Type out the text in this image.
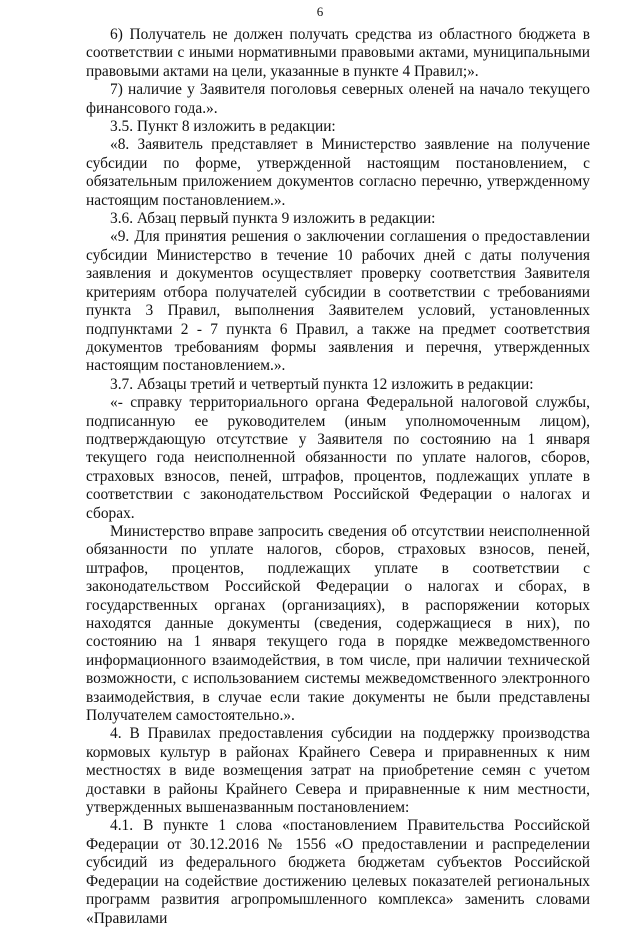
6

6) Получатель не должен получать средства из областного бюджета в соответствии с иными нормативными правовыми актами, муниципальными правовыми актами на цели, указанные в пункте 4 Правил;».

7) наличие у Заявителя поголовья северных оленей на начало текущего финансового года.».

3.5. Пункт 8 изложить в редакции:

«8. Заявитель представляет в Министерство заявление на получение субсидии по форме, утвержденной настоящим постановлением, с обязательным приложением документов согласно перечню, утвержденному настоящим постановлением.».

3.6. Абзац первый пункта 9 изложить в редакции:

«9. Для принятия решения о заключении соглашения о предоставлении субсидии Министерство в течение 10 рабочих дней с даты получения заявления и документов осуществляет проверку соответствия Заявителя критериям отбора получателей субсидии в соответствии с требованиями пункта 3 Правил, выполнения Заявителем условий, установленных подпунктами 2 - 7 пункта 6 Правил, а также на предмет соответствия документов требованиям формы заявления и перечня, утвержденных настоящим постановлением.».

3.7. Абзацы третий и четвертый пункта 12 изложить в редакции:

«- справку территориального органа Федеральной налоговой службы, подписанную ее руководителем (иным уполномоченным лицом), подтверждающую отсутствие у Заявителя по состоянию на 1 января текущего года неисполненной обязанности по уплате налогов, сборов, страховых взносов, пеней, штрафов, процентов, подлежащих уплате в соответствии с законодательством Российской Федерации о налогах и сборах.

Министерство вправе запросить сведения об отсутствии неисполненной обязанности по уплате налогов, сборов, страховых взносов, пеней, штрафов, процентов, подлежащих уплате в соответствии с законодательством Российской Федерации о налогах и сборах, в государственных органах (организациях), в распоряжении которых находятся данные документы (сведения, содержащиеся в них), по состоянию на 1 января текущего года в порядке межведомственного информационного взаимодействия, в том числе, при наличии технической возможности, с использованием системы межведомственного электронного взаимодействия, в случае если такие документы не были представлены Получателем самостоятельно.».

4. В Правилах предоставления субсидии на поддержку производства кормовых культур в районах Крайнего Севера и приравненных к ним местностях в виде возмещения затрат на приобретение семян с учетом доставки в районы Крайнего Севера и приравненные к ним местности, утвержденных вышеназванным постановлением:

4.1. В пункте 1 слова «постановлением Правительства Российской Федерации от 30.12.2016 № 1556 «О предоставлении и распределении субсидий из федерального бюджета бюджетам субъектов Российской Федерации на содействие достижению целевых показателей региональных программ развития агропромышленного комплекса» заменить словами «Правилами
